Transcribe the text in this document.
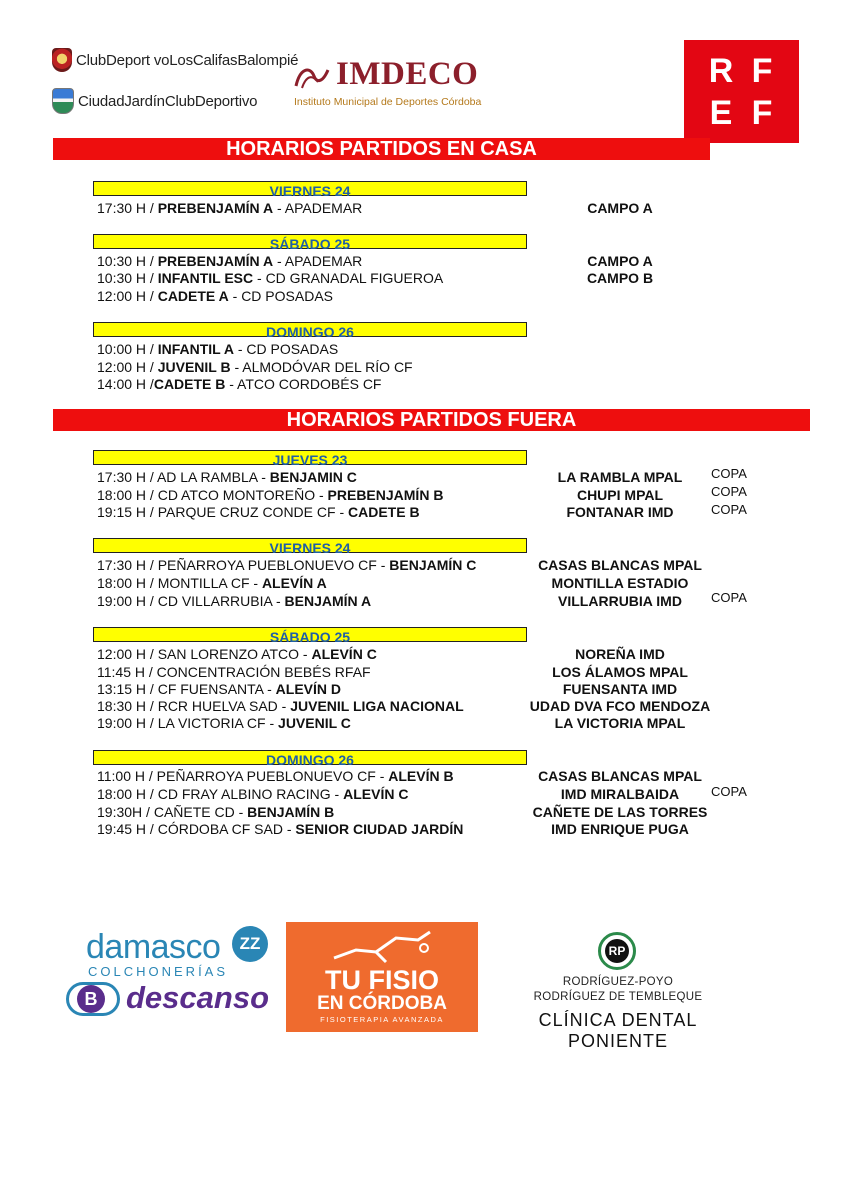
ClubDeport voLosCalifasBalompié
CiudadJardínClubDeportivo
IMDECO
Instituto Municipal de Deportes Córdoba
R F
E F
HORARIOS PARTIDOS EN CASA
VIERNES 24
17:30 H / PREBENJAMÍN A - APADEMAR	CAMPO A
SÁBADO 25
10:30 H / PREBENJAMÍN A - APADEMAR	CAMPO A
10:30 H / INFANTIL ESC - CD GRANADAL FIGUEROA	CAMPO B
12:00 H / CADETE A - CD POSADAS
DOMINGO 26
10:00 H / INFANTIL A - CD POSADAS
12:00 H / JUVENIL B - ALMODÓVAR DEL RÍO CF
14:00 H /CADETE B - ATCO CORDOBÉS CF
HORARIOS PARTIDOS FUERA
JUEVES 23
17:30 H / AD LA RAMBLA - BENJAMIN C	LA RAMBLA MPAL	COPA
18:00 H / CD ATCO MONTOREÑO - PREBENJAMÍN B	CHUPI MPAL	COPA
19:15 H / PARQUE CRUZ CONDE CF - CADETE B	FONTANAR IMD	COPA
VIERNES 24
17:30 H / PEÑARROYA PUEBLONUEVO CF - BENJAMÍN C	CASAS BLANCAS MPAL
18:00 H / MONTILLA CF - ALEVÍN A	MONTILLA ESTADIO
19:00 H / CD VILLARRUBIA - BENJAMÍN A	VILLARRUBIA IMD	COPA
SÁBADO 25
12:00 H / SAN LORENZO ATCO - ALEVÍN C	NOREÑA IMD
11:45 H / CONCENTRACIÓN BEBÉS RFAF	LOS ÁLAMOS MPAL
13:15 H / CF FUENSANTA - ALEVÍN D	FUENSANTA IMD
18:30 H / RCR HUELVA SAD - JUVENIL LIGA NACIONAL	UDAD DVA FCO MENDOZA
19:00 H / LA VICTORIA CF - JUVENIL C	LA VICTORIA MPAL
DOMINGO 26
11:00 H / PEÑARROYA PUEBLONUEVO CF - ALEVÍN B	CASAS BLANCAS MPAL
18:00 H / CD FRAY ALBINO RACING - ALEVÍN C	IMD MIRALBAIDA	COPA
19:30H / CAÑETE CD - BENJAMÍN B	CAÑETE DE LAS TORRES
19:45 H / CÓRDOBA CF SAD - SENIOR CIUDAD JARDÍN	IMD ENRIQUE PUGA
damasco	ZZ
COLCHONERÍAS
B descanso	TU FISIO
EN CÓRDOBA
FISIOTERAPIA AVANZADA
RP
RODRÍGUEZ-POYO
RODRÍGUEZ DE TEMBLEQUE
CLÍNICA DENTAL PONIENTE
